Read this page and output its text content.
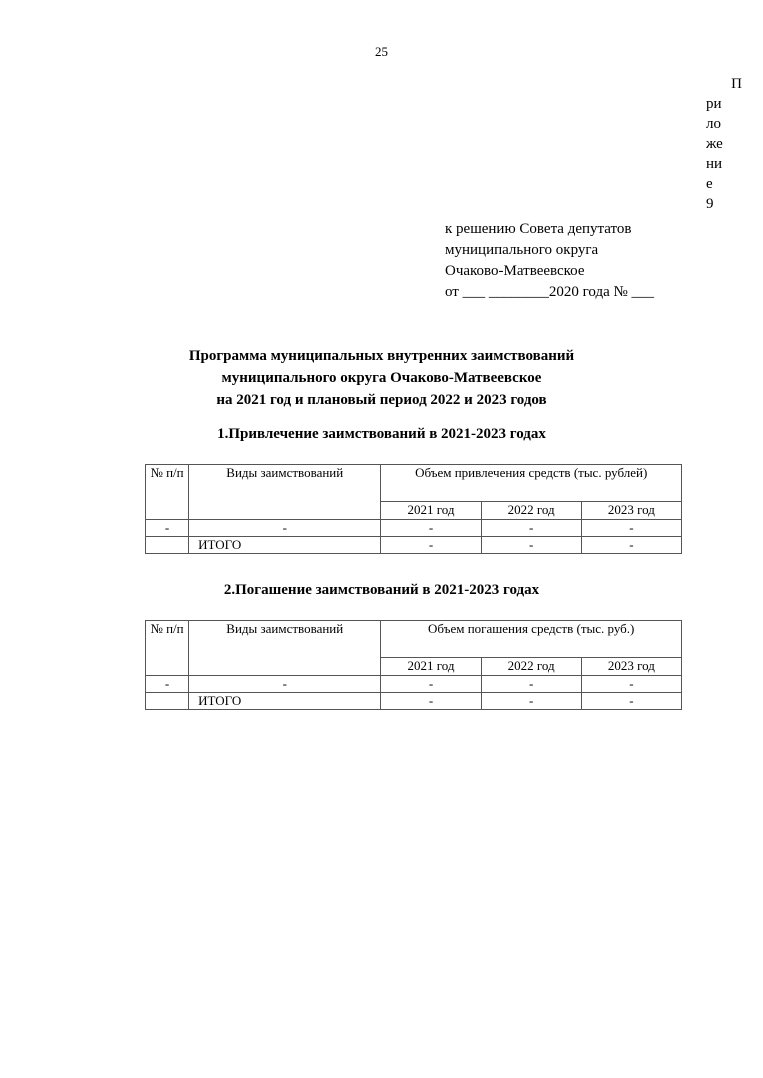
25
П
ри
ло
же
ни
е
9
к решению Совета депутатов
муниципального округа
Очаково-Матвеевское
от ___ ________2020 года № ___
Программа муниципальных внутренних заимствований
муниципального округа Очаково-Матвеевское
на 2021 год и плановый период 2022 и 2023 годов
1.Привлечение заимствований в 2021-2023 годах
№ п/п	Виды заимствований	Объем привлечения средств (тыс. рублей)		
		2021 год	2022 год	2023 год
-	-	-	-	-
	ИТОГО	-	-	-
2.Погашение заимствований в 2021-2023 годах
№ п/п	Виды заимствований	Объем погашения средств (тыс. руб.)		
		2021 год	2022 год	2023 год
-	-	-	-	-
	ИТОГО	-	-	-
